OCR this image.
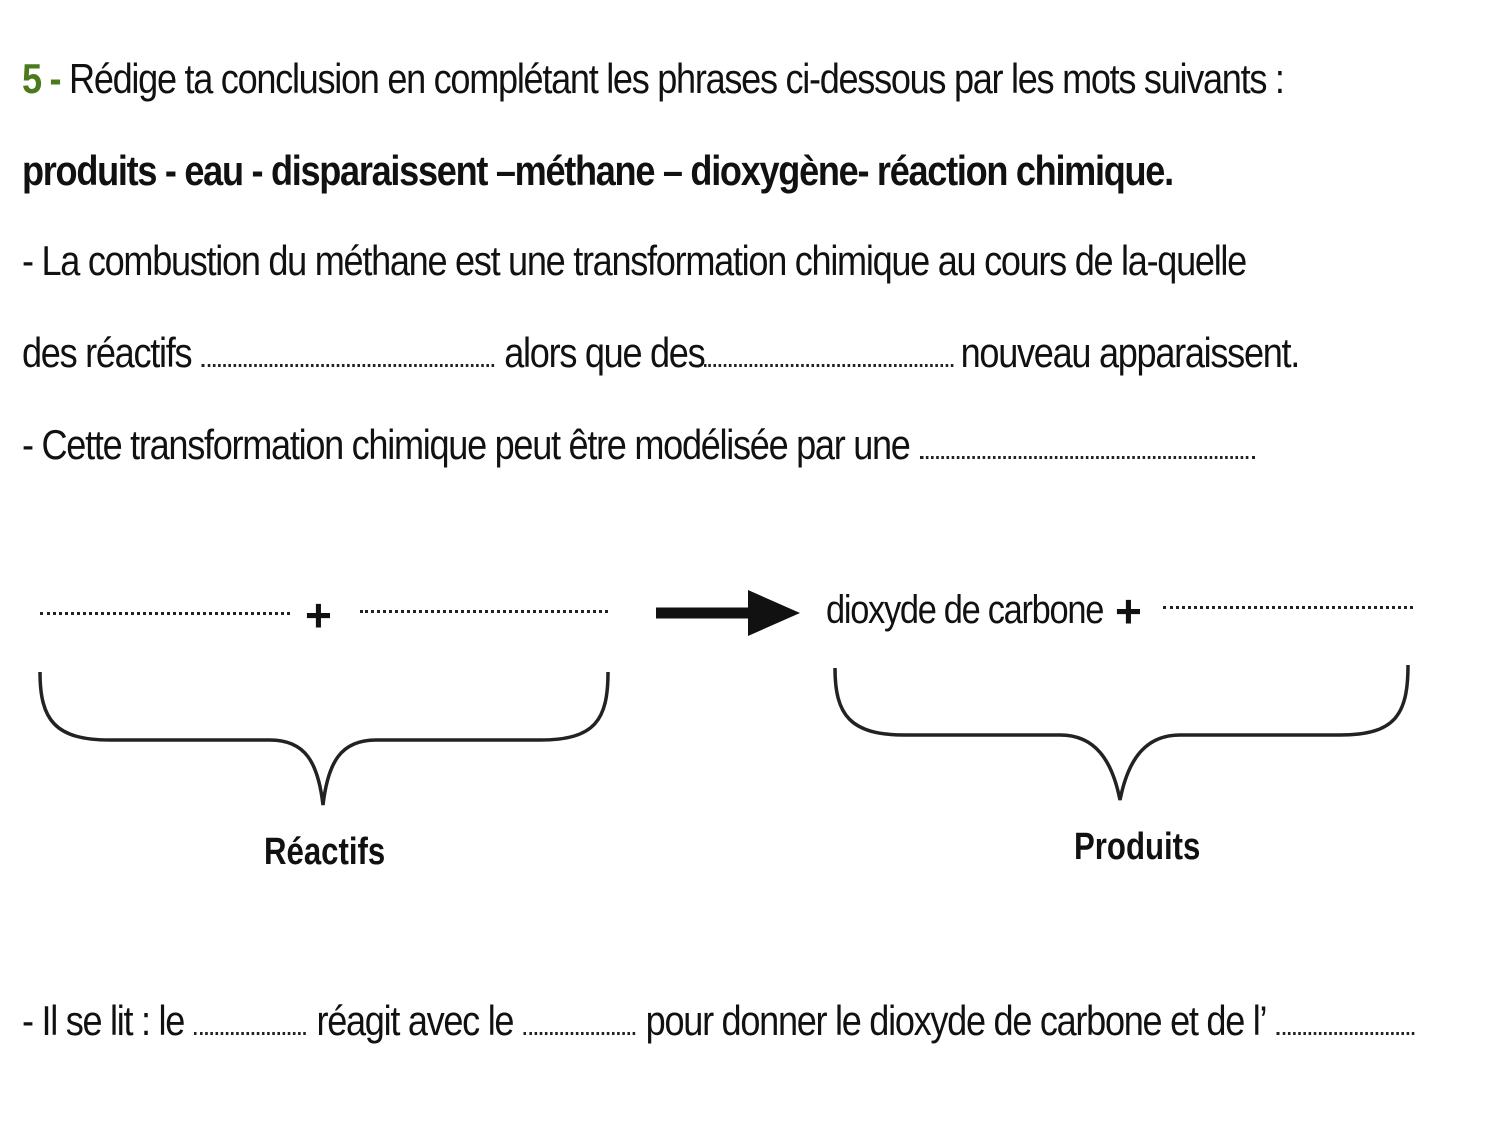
5 - Rédige ta conclusion en complétant les phrases ci-dessous par les mots suivants :
produits - eau - disparaissent –méthane – dioxygène- réaction chimique.
- La combustion du méthane est une transformation chimique au cours de la-quelle
des réactifs	alors que des	nouveau apparaissent.
- Cette transformation chimique peut être modélisée par une
+	dioxyde de carbone +
Réactifs	Produits
- Il se lit : le	réagit avec le	pour donner le dioxyde de carbone et de l’
